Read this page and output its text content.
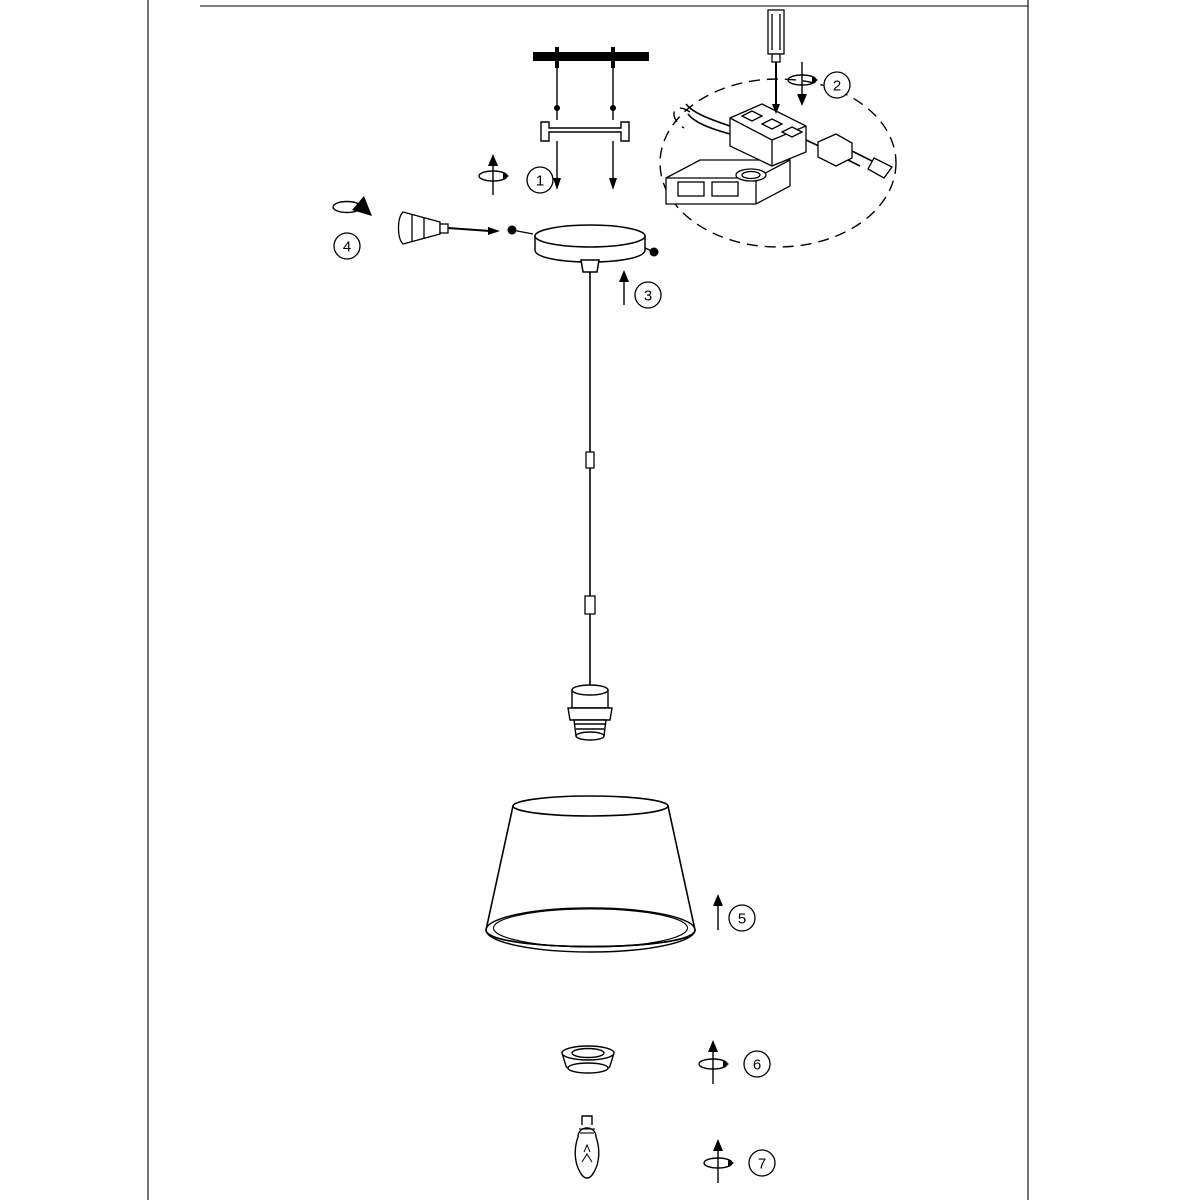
1
2
3
4
5
6
7
